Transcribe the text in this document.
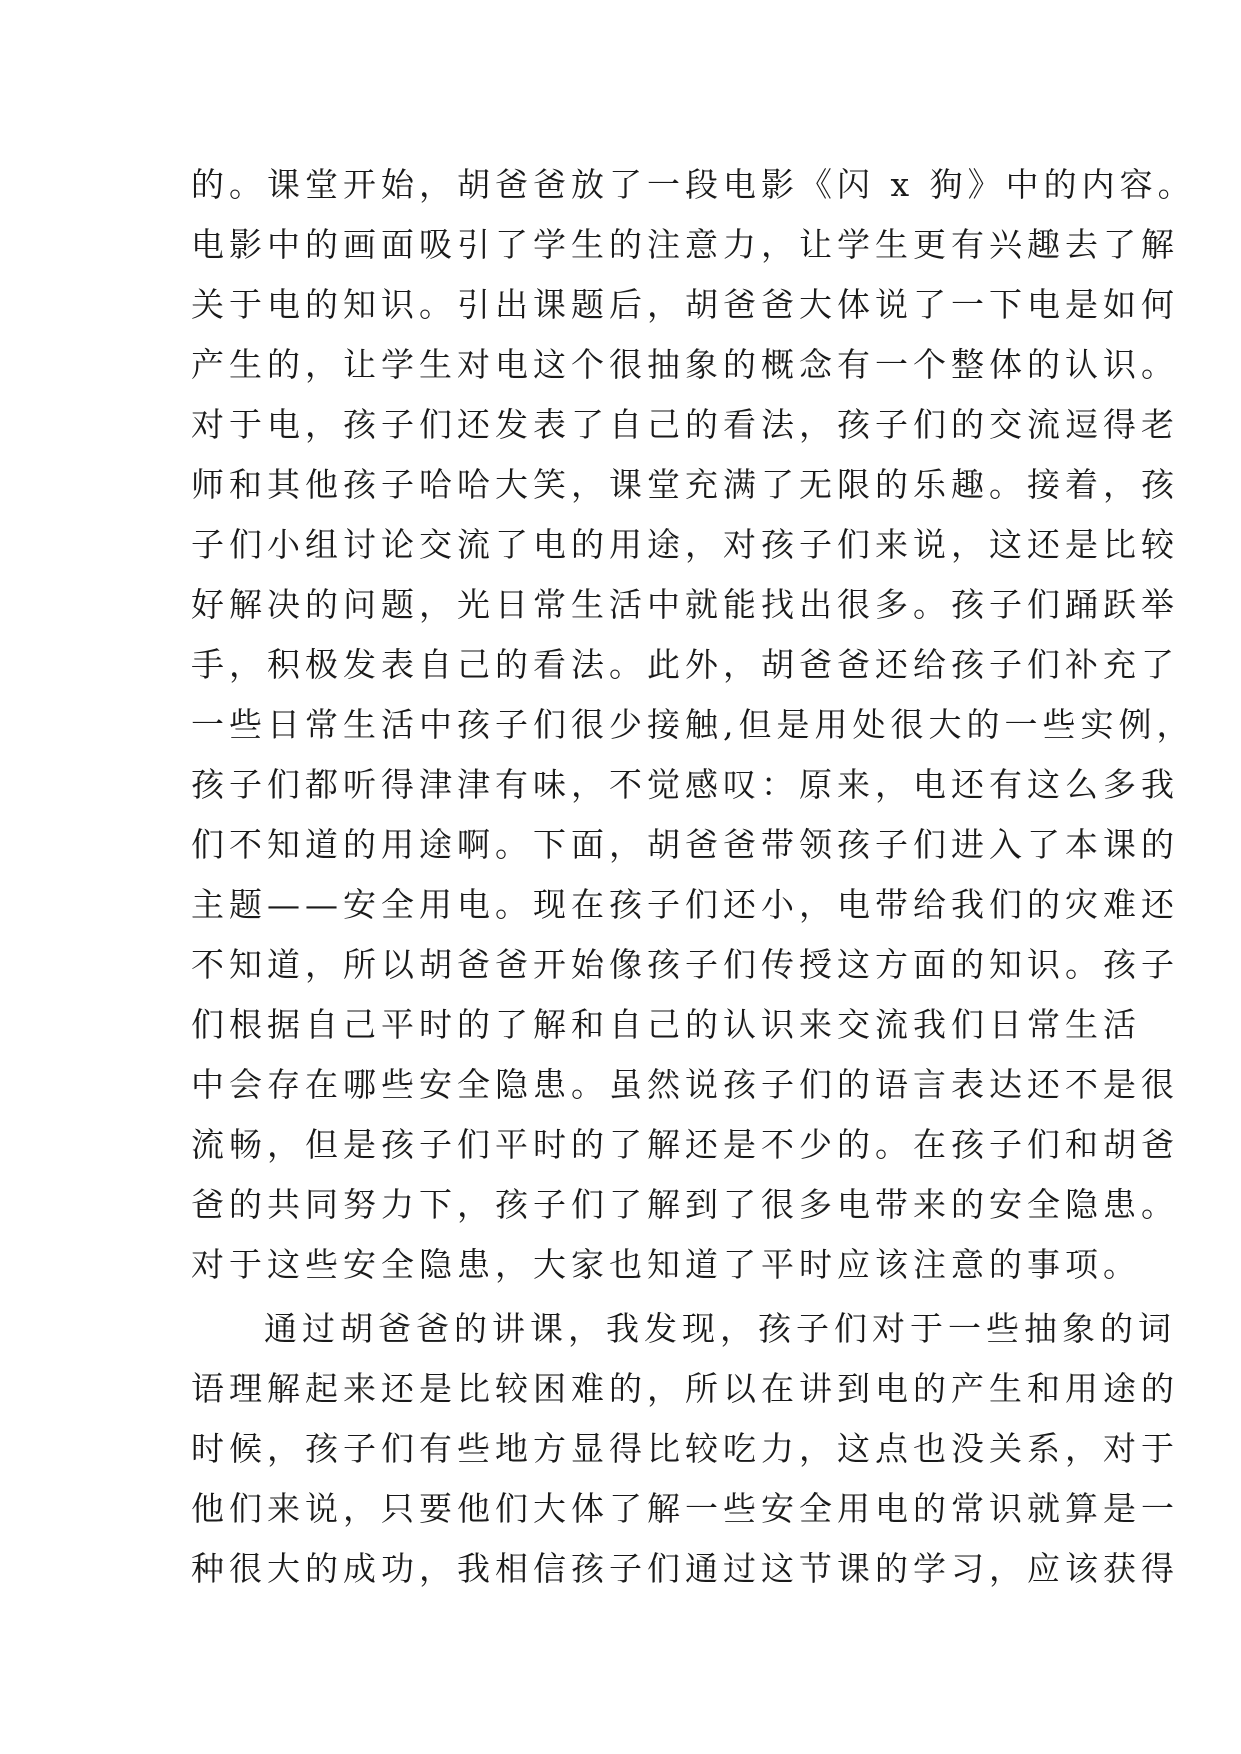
的。课堂开始，胡爸爸放了一段电影《闪 x 狗》中的内容。
电影中的画面吸引了学生的注意力，让学生更有兴趣去了解
关于电的知识。引出课题后，胡爸爸大体说了一下电是如何
产生的，让学生对电这个很抽象的概念有一个整体的认识。
对于电，孩子们还发表了自己的看法，孩子们的交流逗得老
师和其他孩子哈哈大笑，课堂充满了无限的乐趣。接着，孩
子们小组讨论交流了电的用途，对孩子们来说，这还是比较
好解决的问题，光日常生活中就能找出很多。孩子们踊跃举
手，积极发表自己的看法。此外，胡爸爸还给孩子们补充了
一些日常生活中孩子们很少接触,但是用处很大的一些实例，
孩子们都听得津津有味，不觉感叹：原来，电还有这么多我
们不知道的用途啊。下面，胡爸爸带领孩子们进入了本课的
主题——安全用电。现在孩子们还小，电带给我们的灾难还
不知道，所以胡爸爸开始像孩子们传授这方面的知识。孩子
们根据自己平时的了解和自己的认识来交流我们日常生活
中会存在哪些安全隐患。虽然说孩子们的语言表达还不是很
流畅，但是孩子们平时的了解还是不少的。在孩子们和胡爸
爸的共同努力下，孩子们了解到了很多电带来的安全隐患。
对于这些安全隐患，大家也知道了平时应该注意的事项。
通过胡爸爸的讲课，我发现，孩子们对于一些抽象的词
语理解起来还是比较困难的，所以在讲到电的产生和用途的
时候，孩子们有些地方显得比较吃力，这点也没关系，对于
他们来说，只要他们大体了解一些安全用电的常识就算是一
种很大的成功，我相信孩子们通过这节课的学习，应该获得
